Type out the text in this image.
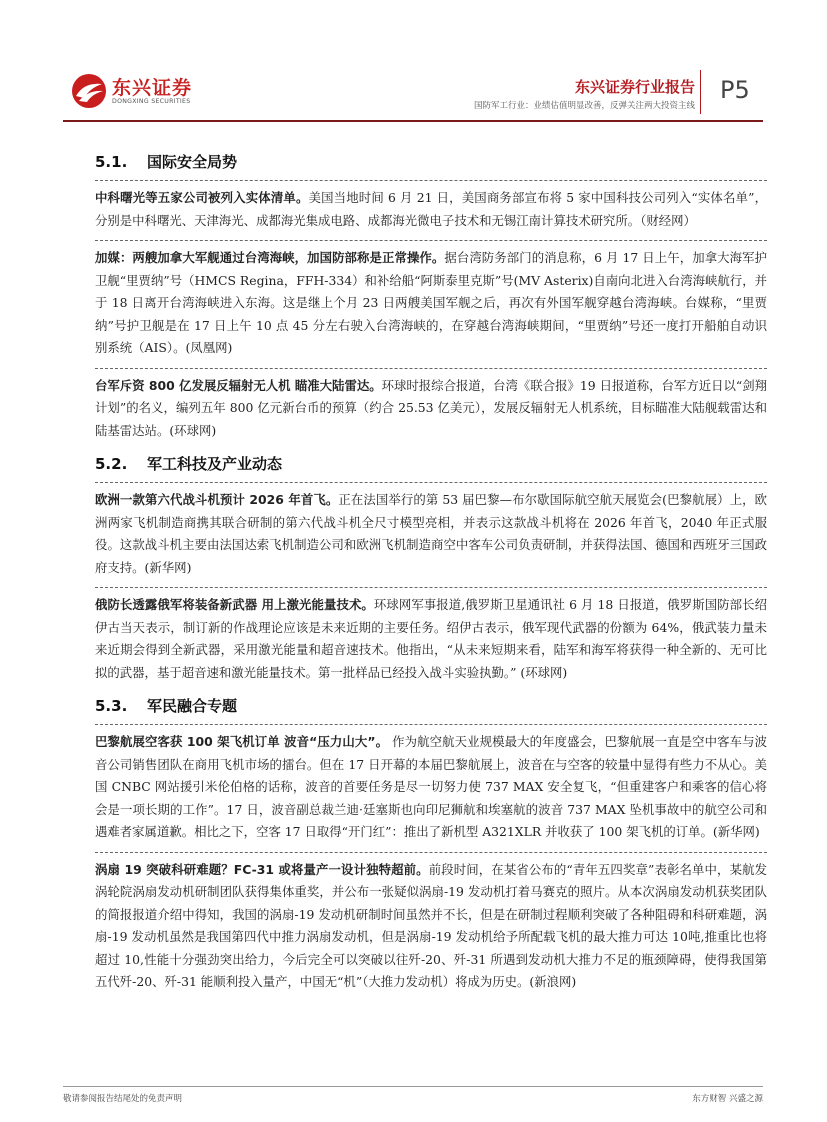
东兴证券
DONGXING SECURITIES
东兴证券行业报告
国防军工行业：业绩估值明显改善，反弹关注两大投资主线
P5
5.1. 国际安全局势

中科曙光等五家公司被列入实体清单。美国当地时间 6 月 21 日，美国商务部宣布将 5 家中国科技公司列入“实体名单”，分别是中科曙光、天津海光、成都海光集成电路、成都海光微电子技术和无锡江南计算技术研究所。（财经网）

加媒：两艘加拿大军舰通过台湾海峡，加国防部称是正常操作。据台湾防务部门的消息称，6 月 17 日上午，加拿大海军护卫舰“里贾纳”号（HMCS Regina，FFH-334）和补给船“阿斯泰里克斯”号(MV Asterix)自南向北进入台湾海峡航行，并于 18 日离开台湾海峡进入东海。这是继上个月 23 日两艘美国军舰之后，再次有外国军舰穿越台湾海峡。台媒称，“里贾纳”号护卫舰是在 17 日上午 10 点 45 分左右驶入台湾海峡的，在穿越台湾海峡期间，“里贾纳”号还一度打开船舶自动识别系统（AIS）。(凤凰网)

台军斥资 800 亿发展反辐射无人机 瞄准大陆雷达。环球时报综合报道，台湾《联合报》19 日报道称，台军方近日以“剑翔计划”的名义，编列五年 800 亿元新台币的预算（约合 25.53 亿美元），发展反辐射无人机系统，目标瞄准大陆舰载雷达和陆基雷达站。(环球网)

5.2. 军工科技及产业动态

欧洲一款第六代战斗机预计 2026 年首飞。正在法国举行的第 53 届巴黎—布尔歇国际航空航天展览会(巴黎航展）上，欧洲两家飞机制造商携其联合研制的第六代战斗机全尺寸模型亮相，并表示这款战斗机将在 2026 年首飞，2040 年正式服役。这款战斗机主要由法国达索飞机制造公司和欧洲飞机制造商空中客车公司负责研制，并获得法国、德国和西班牙三国政府支持。(新华网)

俄防长透露俄军将装备新武器 用上激光能量技术。环球网军事报道,俄罗斯卫星通讯社 6 月 18 日报道，俄罗斯国防部长绍伊古当天表示，制订新的作战理论应该是未来近期的主要任务。绍伊古表示，俄军现代武器的份额为 64%，俄武装力量未来近期会得到全新武器，采用激光能量和超音速技术。他指出，“从未来短期来看，陆军和海军将获得一种全新的、无可比拟的武器，基于超音速和激光能量技术。第一批样品已经投入战斗实验执勤。” (环球网)

5.3. 军民融合专题

巴黎航展空客获 100 架飞机订单 波音“压力山大”。 作为航空航天业规模最大的年度盛会，巴黎航展一直是空中客车与波音公司销售团队在商用飞机市场的擂台。但在 17 日开幕的本届巴黎航展上，波音在与空客的较量中显得有些力不从心。美国 CNBC 网站援引米伦伯格的话称，波音的首要任务是尽一切努力使 737 MAX 安全复飞，“但重建客户和乘客的信心将会是一项长期的工作”。17 日，波音副总裁兰迪·廷塞斯也向印尼狮航和埃塞航的波音 737 MAX 坠机事故中的航空公司和遇难者家属道歉。相比之下，空客 17 日取得“开门红”：推出了新机型 A321XLR 并收获了 100 架飞机的订单。(新华网)

涡扇 19 突破科研难题？FC-31 或将量产一设计独特超前。前段时间，在某省公布的“青年五四奖章”表彰名单中，某航发涡轮院涡扇发动机研制团队获得集体重奖，并公布一张疑似涡扇-19 发动机打着马赛克的照片。从本次涡扇发动机获奖团队的简报报道介绍中得知，我国的涡扇-19 发动机研制时间虽然并不长，但是在研制过程顺利突破了各种阻碍和科研难题，涡扇-19 发动机虽然是我国第四代中推力涡扇发动机，但是涡扇-19 发动机给予所配载飞机的最大推力可达 10吨,推重比也将超过 10,性能十分强劲突出给力，今后完全可以突破以往歼-20、歼-31 所遇到发动机大推力不足的瓶颈障碍，使得我国第五代歼-20、歼-31 能顺利投入量产，中国无“机”（大推力发动机）将成为历史。(新浪网)

敬请参阅报告结尾处的免责声明	东方财智 兴盛之源
